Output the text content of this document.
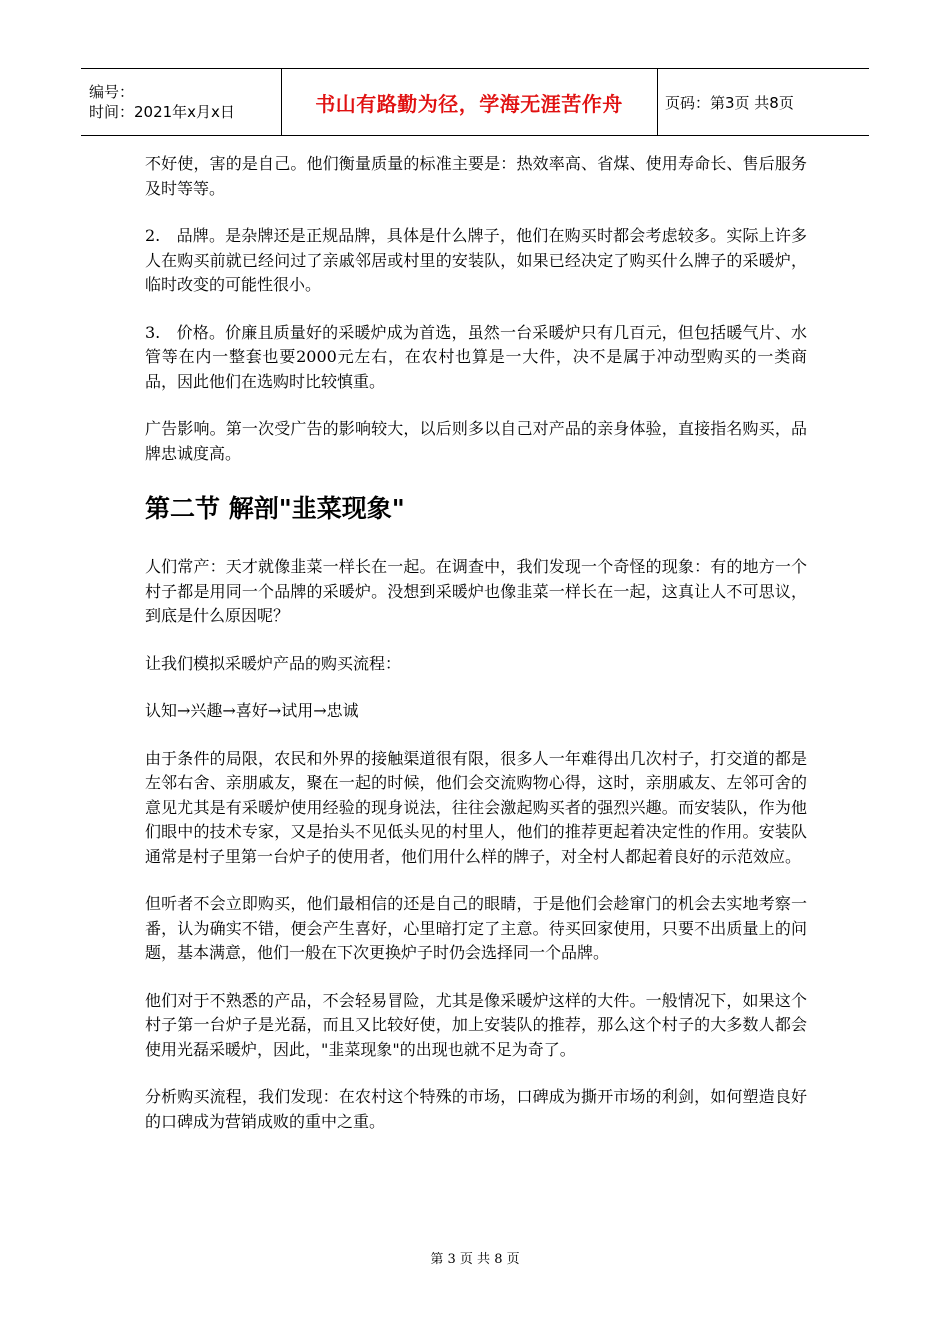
编号：
时间：2021年x月x日	书山有路勤为径，学海无涯苦作舟	页码：第3页 共8页

不好使，害的是自己。他们衡量质量的标准主要是：热效率高、省煤、使用寿命长、售后服务及时等等。

2.　品牌。是杂牌还是正规品牌，具体是什么牌子，他们在购买时都会考虑较多。实际上许多人在购买前就已经问过了亲戚邻居或村里的安装队，如果已经决定了购买什么牌子的采暖炉，临时改变的可能性很小。

3.　价格。价廉且质量好的采暖炉成为首选，虽然一台采暖炉只有几百元，但包括暖气片、水管等在内一整套也要2000元左右，在农村也算是一大件，决不是属于冲动型购买的一类商品，因此他们在选购时比较慎重。

广告影响。第一次受广告的影响较大，以后则多以自己对产品的亲身体验，直接指名购买，品牌忠诚度高。

第二节 解剖"韭菜现象"

人们常产：天才就像韭菜一样长在一起。在调查中，我们发现一个奇怪的现象：有的地方一个村子都是用同一个品牌的采暖炉。没想到采暖炉也像韭菜一样长在一起，这真让人不可思议，到底是什么原因呢？

让我们模拟采暖炉产品的购买流程：

认知→兴趣→喜好→试用→忠诚

由于条件的局限，农民和外界的接触渠道很有限，很多人一年难得出几次村子，打交道的都是左邻右舍、亲朋戚友，聚在一起的时候，他们会交流购物心得，这时，亲朋戚友、左邻可舍的意见尤其是有采暖炉使用经验的现身说法，往往会激起购买者的强烈兴趣。而安装队，作为他们眼中的技术专家，又是抬头不见低头见的村里人，他们的推荐更起着决定性的作用。安装队通常是村子里第一台炉子的使用者，他们用什么样的牌子，对全村人都起着良好的示范效应。

但听者不会立即购买，他们最相信的还是自己的眼睛，于是他们会趁窜门的机会去实地考察一番，认为确实不错，便会产生喜好，心里暗打定了主意。待买回家使用，只要不出质量上的问题，基本满意，他们一般在下次更换炉子时仍会选择同一个品牌。

他们对于不熟悉的产品，不会轻易冒险，尤其是像采暖炉这样的大件。一般情况下，如果这个村子第一台炉子是光磊，而且又比较好使，加上安装队的推荐，那么这个村子的大多数人都会使用光磊采暖炉，因此，"韭菜现象"的出现也就不足为奇了。

分析购买流程，我们发现：在农村这个特殊的市场，口碑成为撕开市场的利剑，如何塑造良好的口碑成为营销成败的重中之重。

第 3 页 共 8 页
